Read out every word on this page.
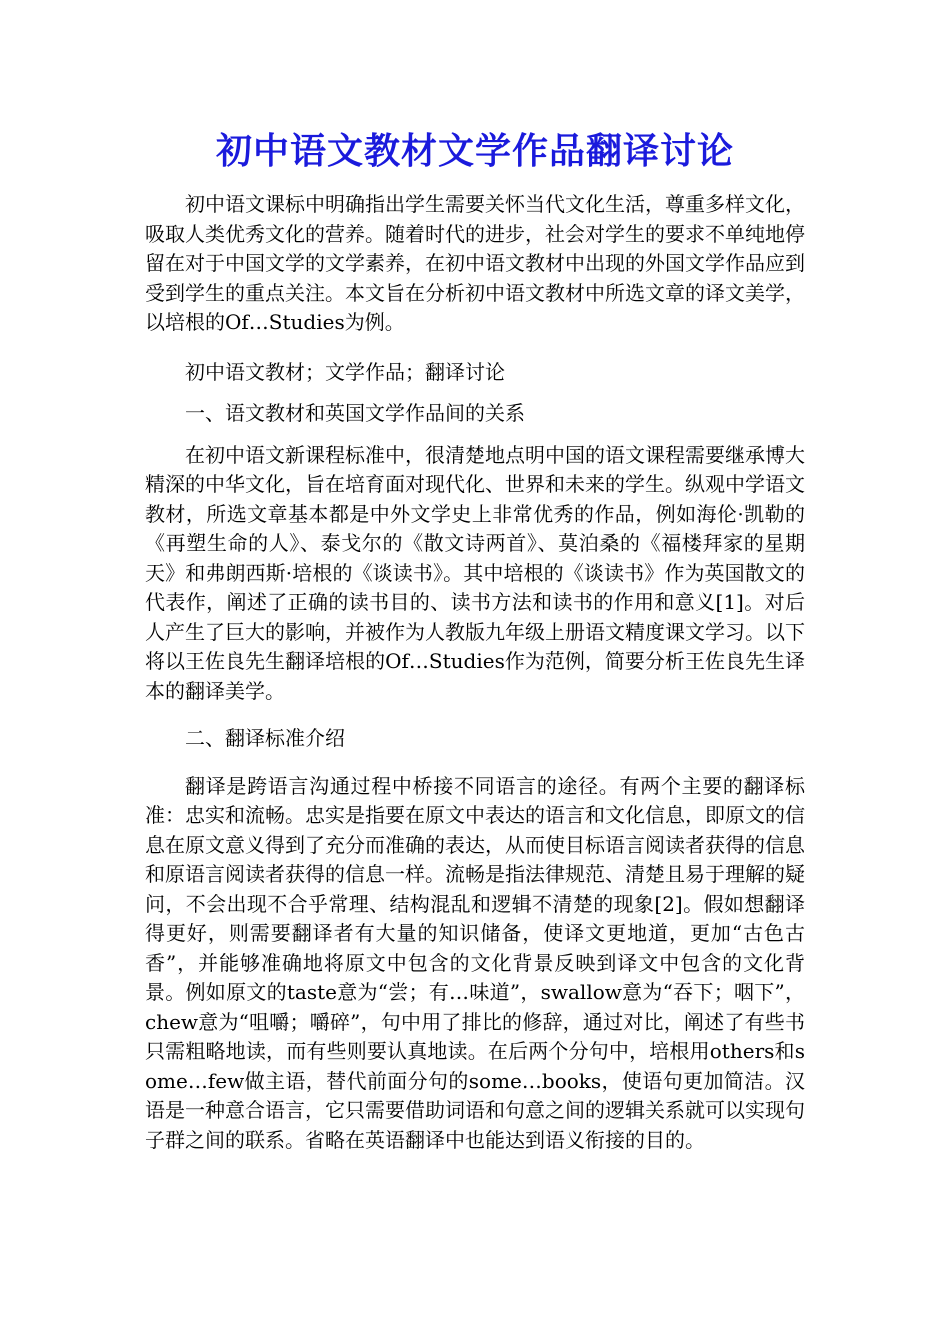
初中语文教材文学作品翻译讨论

初中语文课标中明确指出学生需要关怀当代文化生活，尊重多样文化，吸取人类优秀文化的营养。随着时代的进步，社会对学生的要求不单纯地停留在对于中国文学的文学素养，在初中语文教材中出现的外国文学作品应到受到学生的重点关注。本文旨在分析初中语文教材中所选文章的译文美学，以培根的Of…Studies为例。

初中语文教材；文学作品；翻译讨论

一、语文教材和英国文学作品间的关系

在初中语文新课程标准中，很清楚地点明中国的语文课程需要继承博大精深的中华文化，旨在培育面对现代化、世界和未来的学生。纵观中学语文教材，所选文章基本都是中外文学史上非常优秀的作品，例如海伦·凯勒的《再塑生命的人》、泰戈尔的《散文诗两首》、莫泊桑的《福楼拜家的星期天》和弗朗西斯·培根的《谈读书》。其中培根的《谈读书》作为英国散文的代表作，阐述了正确的读书目的、读书方法和读书的作用和意义[1]。对后人产生了巨大的影响，并被作为人教版九年级上册语文精度课文学习。以下将以王佐良先生翻译培根的Of…Studies作为范例，简要分析王佐良先生译本的翻译美学。

二、翻译标准介绍

翻译是跨语言沟通过程中桥接不同语言的途径。有两个主要的翻译标准：忠实和流畅。忠实是指要在原文中表达的语言和文化信息，即原文的信息在原文意义得到了充分而准确的表达，从而使目标语言阅读者获得的信息和原语言阅读者获得的信息一样。流畅是指法律规范、清楚且易于理解的疑问，不会出现不合乎常理、结构混乱和逻辑不清楚的现象[2]。假如想翻译得更好，则需要翻译者有大量的知识储备，使译文更地道，更加“古色古香”，并能够准确地将原文中包含的文化背景反映到译文中包含的文化背景。例如原文的taste意为“尝；有…味道”，swallow意为“吞下；咽下”，chew意为“咀嚼；嚼碎”，句中用了排比的修辞，通过对比，阐述了有些书只需粗略地读，而有些则要认真地读。在后两个分句中，培根用others和some…few做主语，替代前面分句的some…books，使语句更加简洁。汉语是一种意合语言，它只需要借助词语和句意之间的逻辑关系就可以实现句子群之间的联系。省略在英语翻译中也能达到语义衔接的目的。
